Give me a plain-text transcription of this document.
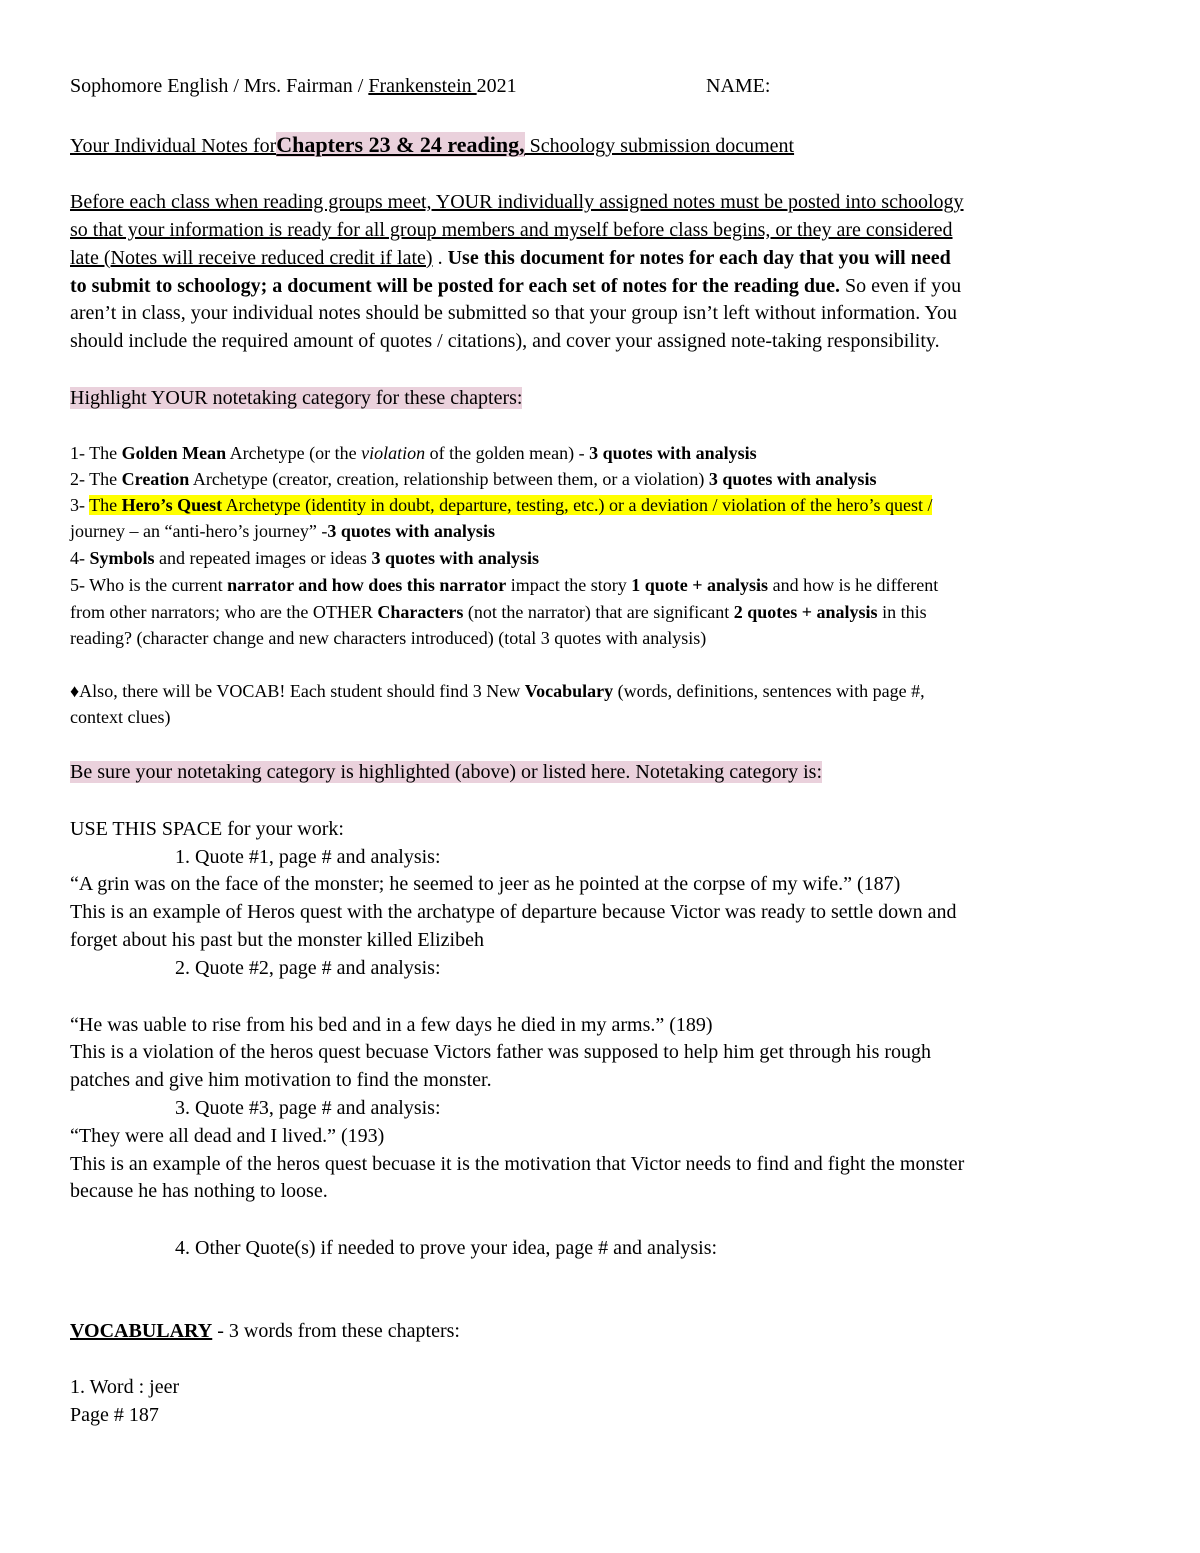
Sophomore English / Mrs. Fairman / Frankenstein 2021	NAME:
Your Individual Notes forChapters 23 & 24 reading, Schoology submission document
Before each class when reading groups meet, YOUR individually assigned notes must be posted into schoology
so that your information is ready for all group members and myself before class begins, or they are considered
late (Notes will receive reduced credit if late) . Use this document for notes for each day that you will need
to submit to schoology; a document will be posted for each set of notes for the reading due. So even if you
aren’t in class, your individual notes should be submitted so that your group isn’t left without information. You
should include the required amount of quotes / citations), and cover your assigned note-taking responsibility.
Highlight YOUR notetaking category for these chapters:
1- The Golden Mean Archetype (or the violation of the golden mean) - 3 quotes with analysis
2- The Creation Archetype (creator, creation, relationship between them, or a violation) 3 quotes with analysis
3- The Hero’s Quest Archetype (identity in doubt, departure, testing, etc.) or a deviation / violation of the hero’s quest /
journey – an “anti-hero’s journey” -3 quotes with analysis
4- Symbols and repeated images or ideas 3 quotes with analysis
5- Who is the current narrator and how does this narrator impact the story 1 quote + analysis and how is he different
from other narrators; who are the OTHER Characters (not the narrator) that are significant 2 quotes + analysis in this
reading? (character change and new characters introduced) (total 3 quotes with analysis)
♦Also, there will be VOCAB! Each student should find 3 New Vocabulary (words, definitions, sentences with page #,
context clues)
Be sure your notetaking category is highlighted (above) or listed here. Notetaking category is:
USE THIS SPACE for your work:
1. Quote #1, page # and analysis:
“A grin was on the face of the monster; he seemed to jeer as he pointed at the corpse of my wife.” (187)
This is an example of Heros quest with the archatype of departure because Victor was ready to settle down and
forget about his past but the monster killed Elizibeh
2. Quote #2, page # and analysis:
“He was uable to rise from his bed and in a few days he died in my arms.” (189)
This is a violation of the heros quest becuase Victors father was supposed to help him get through his rough
patches and give him motivation to find the monster.
3. Quote #3, page # and analysis:
“They were all dead and I lived.” (193)
This is an example of the heros quest becuase it is the motivation that Victor needs to find and fight the monster
because he has nothing to loose.
4. Other Quote(s) if needed to prove your idea, page # and analysis:
VOCABULARY - 3 words from these chapters:
1. Word : jeer
Page # 187
